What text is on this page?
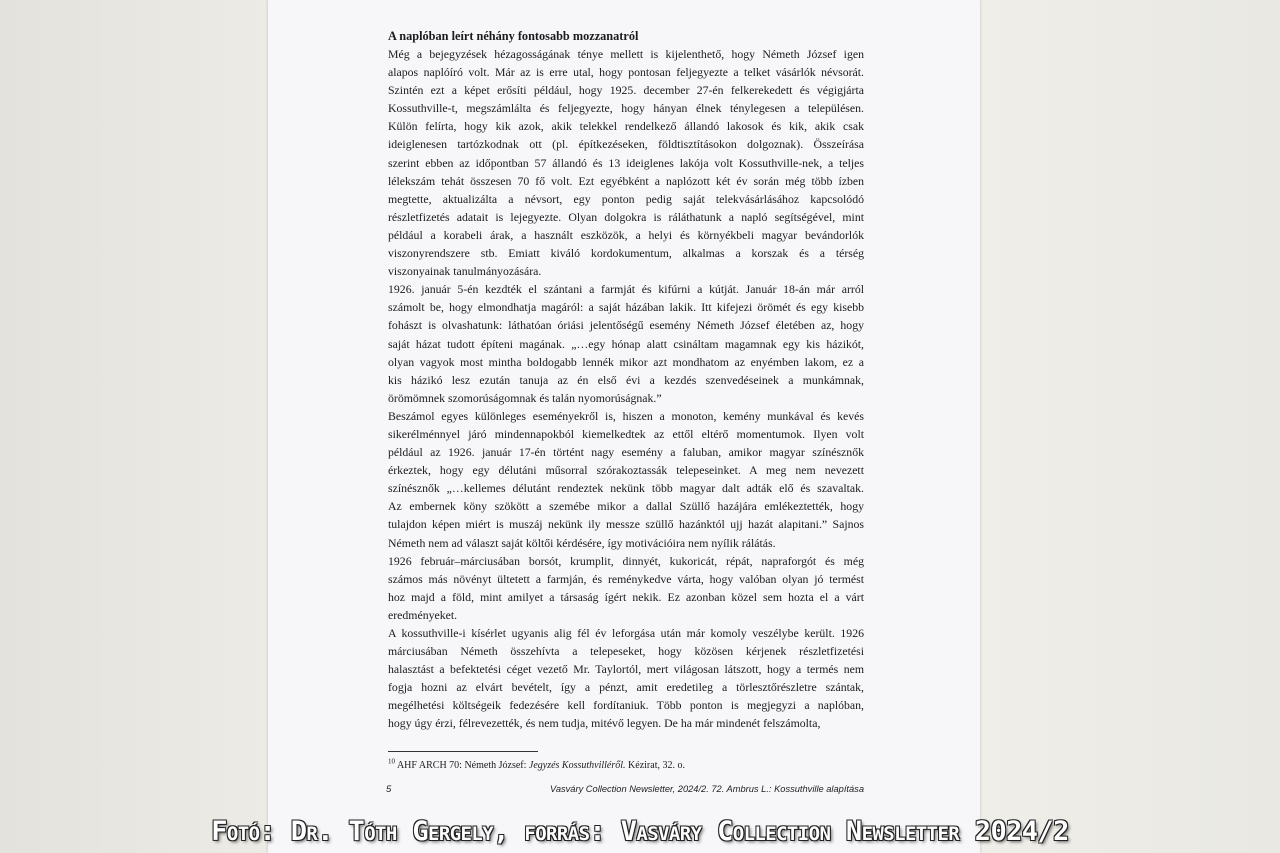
A naplóban leírt néhány fontosabb mozzanatról

Még a bejegyzések hézagosságának ténye mellett is kijelenthető, hogy Németh József igen
alapos naplóíró volt. Már az is erre utal, hogy pontosan feljegyezte a telket vásárlók névsorát.
Szintén ezt a képet erősíti például, hogy 1925. december 27-én felkerekedett és végigjárta
Kossuthville-t, megszámlálta és feljegyezte, hogy hányan élnek ténylegesen a településen.
Külön felírta, hogy kik azok, akik telekkel rendelkező állandó lakosok és kik, akik csak
ideiglenesen tartózkodnak ott (pl. építkezéseken, földtisztításokon dolgoznak). Összeírása
szerint ebben az időpontban 57 állandó és 13 ideiglenes lakója volt Kossuthville-nek, a teljes
lélekszám tehát összesen 70 fő volt. Ezt egyébként a naplózott két év során még több ízben
megtette, aktualizálta a névsort, egy ponton pedig saját telekvásárlásához kapcsolódó
részletfizetés adatait is lejegyezte. Olyan dolgokra is ráláthatunk a napló segítségével, mint
például a korabeli árak, a használt eszközök, a helyi és környékbeli magyar bevándorlók
viszonyrendszere stb. Emiatt kiváló kordokumentum, alkalmas a korszak és a térség
viszonyainak tanulmányozására.
1926. január 5-én kezdték el szántani a farmját és kifúrni a kútját. Január 18-án már arról
számolt be, hogy elmondhatja magáról: a saját házában lakik. Itt kifejezi örömét és egy kisebb
fohászt is olvashatunk: láthatóan óriási jelentőségű esemény Németh József életében az, hogy
saját házat tudott építeni magának. „…egy hónap alatt csináltam magamnak egy kis házikót,
olyan vagyok most mintha boldogabb lennék mikor azt mondhatom az enyémben lakom, ez a
kis házikó lesz ezután tanuja az én első évi a kezdés szenvedéseinek a munkámnak,
örömömnek szomorúságomnak és talán nyomorúságnak.”
Beszámol egyes különleges eseményekről is, hiszen a monoton, kemény munkával és kevés
sikerélménnyel járó mindennapokból kiemelkedtek az ettől eltérő momentumok. Ilyen volt
például az 1926. január 17-én történt nagy esemény a faluban, amikor magyar színésznők
érkeztek, hogy egy délutáni műsorral szórakoztassák telepeseinket. A meg nem nevezett
színésznők „…kellemes délutánt rendeztek nekünk több magyar dalt adták elő és szavaltak.
Az embernek köny szökött a szemébe mikor a dallal Szüllő hazájára emlékeztették, hogy
tulajdon képen miért is muszáj nekünk ily messze szüllő hazánktól ujj hazát alapitani.” Sajnos
Németh nem ad választ saját költői kérdésére, így motivációira nem nyílik rálátás.
1926 február–márciusában borsót, krumplit, dinnyét, kukoricát, répát, napraforgót és még
számos más növényt ültetett a farmján, és reménykedve várta, hogy valóban olyan jó termést
hoz majd a föld, mint amilyet a társaság ígért nekik. Ez azonban közel sem hozta el a várt
eredményeket.
A kossuthville-i kísérlet ugyanis alig fél év leforgása után már komoly veszélybe került. 1926
márciusában Németh összehívta a telepeseket, hogy közösen kérjenek részletfizetési
halasztást a befektetési céget vezető Mr. Taylortól, mert világosan látszott, hogy a termés nem
fogja hozni az elvárt bevételt, így a pénzt, amit eredetileg a törlesztőrészletre szántak,
megélhetési költségeik fedezésére kell fordítaniuk. Több ponton is megjegyzi a naplóban,
hogy úgy érzi, félrevezették, és nem tudja, mitévő legyen. De ha már mindenét felszámolta,
$^{10}$ AHF ARCH 70: Németh József: Jegyzés Kossuthvilléről. Kézirat, 32. o.
5	Vasváry Collection Newsletter, 2024/2. 72. Ambrus L.: Kossuthville alapítása
Fotó: Dr. Tóth Gergely, forrás: Vasváry Collection Newsletter 2024/2
